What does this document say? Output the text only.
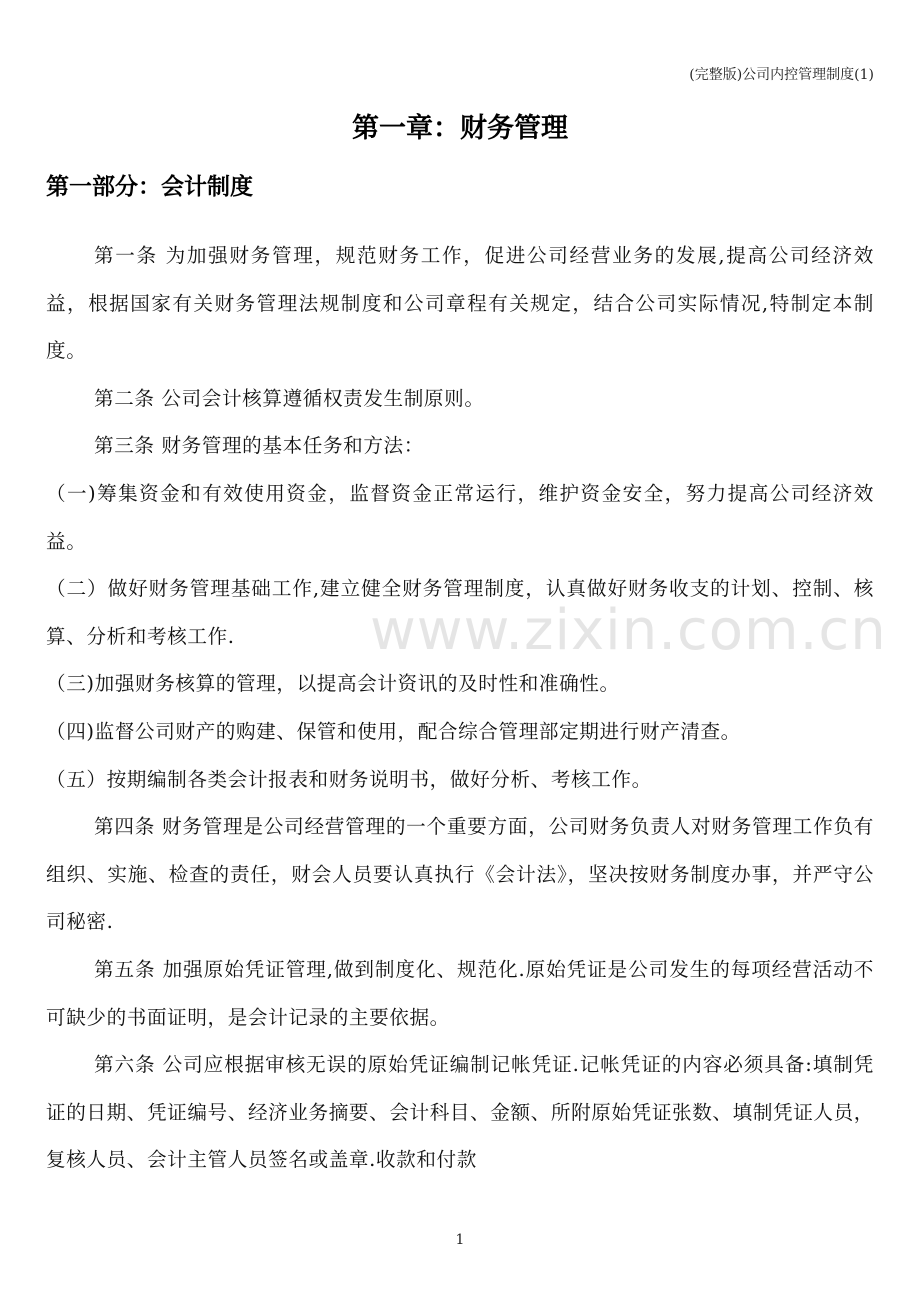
(完整版)公司内控管理制度(1)
第一章：财务管理
第一部分：会计制度

第一条 为加强财务管理，规范财务工作，促进公司经营业务的发展,提高公司经济效益，根据国家有关财务管理法规制度和公司章程有关规定，结合公司实际情况,特制定本制度。

第二条 公司会计核算遵循权责发生制原则。

第三条 财务管理的基本任务和方法：

（一)筹集资金和有效使用资金，监督资金正常运行，维护资金安全，努力提高公司经济效益。

（二）做好财务管理基础工作,建立健全财务管理制度，认真做好财务收支的计划、控制、核算、分析和考核工作.

（三)加强财务核算的管理，以提高会计资讯的及时性和准确性。

（四)监督公司财产的购建、保管和使用，配合综合管理部定期进行财产清查。

（五）按期编制各类会计报表和财务说明书，做好分析、考核工作。

第四条 财务管理是公司经营管理的一个重要方面，公司财务负责人对财务管理工作负有组织、实施、检查的责任，财会人员要认真执行《会计法》，坚决按财务制度办事，并严守公司秘密.

第五条 加强原始凭证管理,做到制度化、规范化.原始凭证是公司发生的每项经营活动不可缺少的书面证明，是会计记录的主要依据。

第六条 公司应根据审核无误的原始凭证编制记帐凭证.记帐凭证的内容必须具备:填制凭证的日期、凭证编号、经济业务摘要、会计科目、金额、所附原始凭证张数、填制凭证人员，复核人员、会计主管人员签名或盖章.收款和付款

www.zixin.com.cn
1
